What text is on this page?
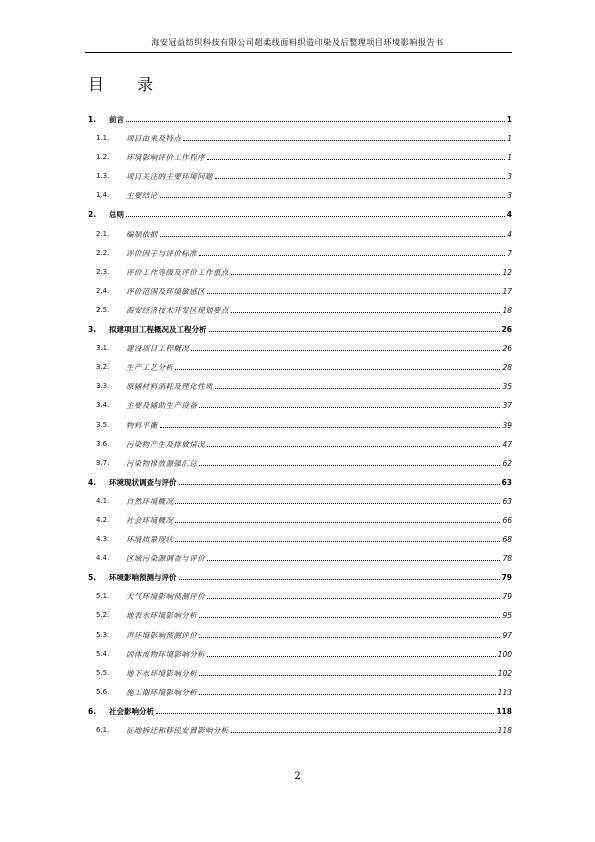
海安冠益纺织科技有限公司超柔线面料织造印染及后整理项目环境影响报告书
目 录
1.	前言	1
1.1.	项目由来及特点	1
1.2.	环境影响评价工作程序	1
1.3.	项目关注的主要环境问题	3
1.4.	主要结论	3
2.	总则	4
2.1.	编制依据	4
2.2.	评价因子与评价标准	7
2.3.	评价工作等级及评价工作重点	12
2.4.	评价范围及环境敏感区	17
2.5.	海安经济技术开发区规划要点	18
3.	拟建项目工程概况及工程分析	26
3.1.	建设项目工程概况	26
3.2.	生产工艺分析	28
3.3.	原辅材料消耗及理化性质	35
3.4.	主要及辅助生产设备	37
3.5.	物料平衡	39
3.6.	污染物产生及排放情况	47
3.7.	污染物排放源强汇总	62
4.	环境现状调查与评价	63
4.1.	自然环境概况	63
4.2.	社会环境概况	66
4.3.	环境质量现状	68
4.4.	区域污染源调查与评价	78
5.	环境影响预测与评价	79
5.1.	大气环境影响预测评价	79
5.2.	地表水环境影响分析	95
5.3.	声环境影响预测评价	97
5.4.	固体废物环境影响分析	100
5.5.	地下水环境影响分析	102
5.6.	施工期环境影响分析	113
6.	社会影响分析	118
6.1.	征地拆迁和移民安置影响分析	118
2
